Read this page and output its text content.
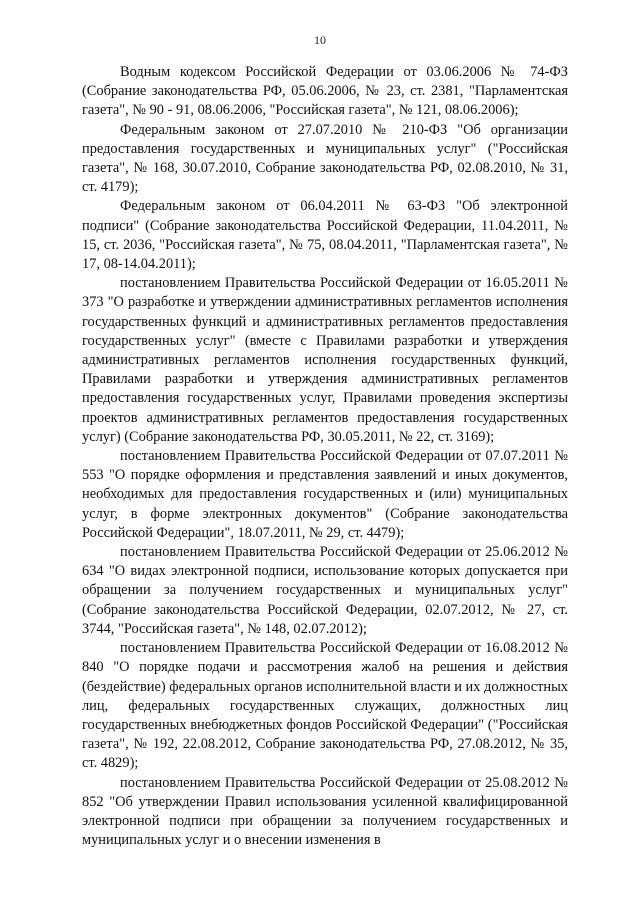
10

Водным кодексом Российской Федерации от 03.06.2006 № 74-ФЗ (Собрание законодательства РФ, 05.06.2006, № 23, ст. 2381, "Парламентская газета", № 90 - 91, 08.06.2006, "Российская газета", № 121, 08.06.2006);

Федеральным законом от 27.07.2010 № 210-ФЗ "Об организации предоставления государственных и муниципальных услуг" ("Российская газета", № 168, 30.07.2010, Собрание законодательства РФ, 02.08.2010, № 31, ст. 4179);

Федеральным законом от 06.04.2011 № 63-ФЗ "Об электронной подписи" (Собрание законодательства Российской Федерации, 11.04.2011, № 15, ст. 2036, "Российская газета", № 75, 08.04.2011, "Парламентская газета", № 17, 08-14.04.2011);

постановлением Правительства Российской Федерации от 16.05.2011 № 373 "О разработке и утверждении административных регламентов исполнения государственных функций и административных регламентов предоставления государственных услуг" (вместе с Правилами разработки и утверждения административных регламентов исполнения государственных функций, Правилами разработки и утверждения административных регламентов предоставления государственных услуг, Правилами проведения экспертизы проектов административных регламентов предоставления государственных услуг) (Собрание законодательства РФ, 30.05.2011, № 22, ст. 3169);

постановлением Правительства Российской Федерации от 07.07.2011 № 553 "О порядке оформления и представления заявлений и иных документов, необходимых для предоставления государственных и (или) муниципальных услуг, в форме электронных документов" (Собрание законодательства Российской Федерации", 18.07.2011, № 29, ст. 4479);

постановлением Правительства Российской Федерации от 25.06.2012 № 634 "О видах электронной подписи, использование которых допускается при обращении за получением государственных и муниципальных услуг" (Собрание законодательства Российской Федерации, 02.07.2012, № 27, ст. 3744, "Российская газета", № 148, 02.07.2012);

постановлением Правительства Российской Федерации от 16.08.2012 № 840 "О порядке подачи и рассмотрения жалоб на решения и действия (бездействие) федеральных органов исполнительной власти и их должностных лиц, федеральных государственных служащих, должностных лиц государственных внебюджетных фондов Российской Федерации" ("Российская газета", № 192, 22.08.2012, Собрание законодательства РФ, 27.08.2012, № 35, ст. 4829);

постановлением Правительства Российской Федерации от 25.08.2012 № 852 "Об утверждении Правил использования усиленной квалифицированной электронной подписи при обращении за получением государственных и муниципальных услуг и о внесении изменения в
